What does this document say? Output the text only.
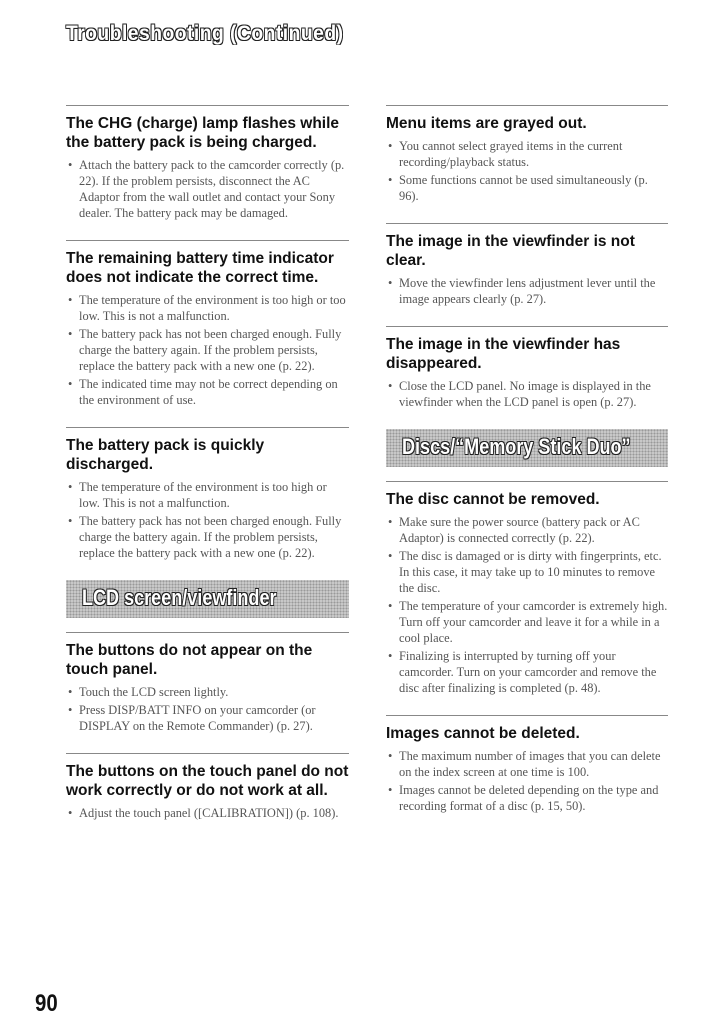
Troubleshooting (Continued)
The CHG (charge) lamp flashes while the battery pack is being charged.
• Attach the battery pack to the camcorder correctly (p. 22). If the problem persists, disconnect the AC Adaptor from the wall outlet and contact your Sony dealer. The battery pack may be damaged.
The remaining battery time indicator does not indicate the correct time.
• The temperature of the environment is too high or too low. This is not a malfunction.
• The battery pack has not been charged enough. Fully charge the battery again. If the problem persists, replace the battery pack with a new one (p. 22).
• The indicated time may not be correct depending on the environment of use.
The battery pack is quickly discharged.
• The temperature of the environment is too high or low. This is not a malfunction.
• The battery pack has not been charged enough. Fully charge the battery again. If the problem persists, replace the battery pack with a new one (p. 22).
LCD screen/viewfinder
The buttons do not appear on the touch panel.
• Touch the LCD screen lightly.
• Press DISP/BATT INFO on your camcorder (or DISPLAY on the Remote Commander) (p. 27).
The buttons on the touch panel do not work correctly or do not work at all.
• Adjust the touch panel ([CALIBRATION]) (p. 108).
Menu items are grayed out.
• You cannot select grayed items in the current recording/playback status.
• Some functions cannot be used simultaneously (p. 96).
The image in the viewfinder is not clear.
• Move the viewfinder lens adjustment lever until the image appears clearly (p. 27).
The image in the viewfinder has disappeared.
• Close the LCD panel. No image is displayed in the viewfinder when the LCD panel is open (p. 27).
Discs/“Memory Stick Duo”
The disc cannot be removed.
• Make sure the power source (battery pack or AC Adaptor) is connected correctly (p. 22).
• The disc is damaged or is dirty with fingerprints, etc. In this case, it may take up to 10 minutes to remove the disc.
• The temperature of your camcorder is extremely high. Turn off your camcorder and leave it for a while in a cool place.
• Finalizing is interrupted by turning off your camcorder. Turn on your camcorder and remove the disc after finalizing is completed (p. 48).
Images cannot be deleted.
• The maximum number of images that you can delete on the index screen at one time is 100.
• Images cannot be deleted depending on the type and recording format of a disc (p. 15, 50).
90
